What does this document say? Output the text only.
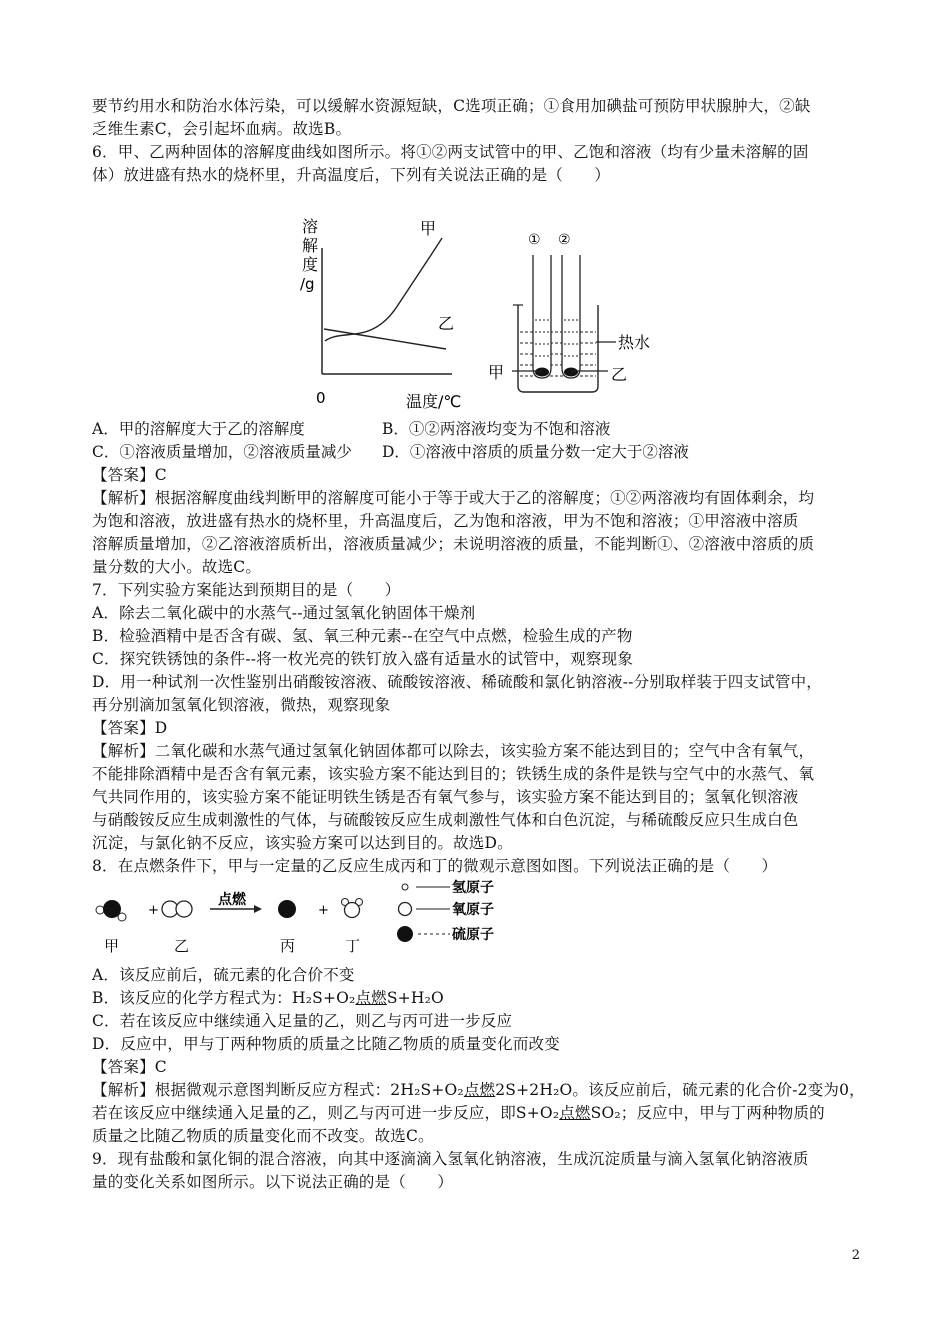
要节约用水和防治水体污染，可以缓解水资源短缺，C选项正确；①食用加碘盐可预防甲状腺肿大，②缺
乏维生素C，会引起坏血病。故选B。
6．甲、乙两种固体的溶解度曲线如图所示。将①②两支试管中的甲、乙饱和溶液（均有少量未溶解的固
体）放进盛有热水的烧杯里，升高温度后，下列有关说法正确的是（　　）
溶
解
度
/g
0	温度/℃
甲
乙
① ②
热水
甲	乙
A．甲的溶解度大于乙的溶解度	B．①②两溶液均变为不饱和溶液
C．①溶液质量增加，②溶液质量减少 D．①溶液中溶质的质量分数一定大于②溶液
【答案】C
【解析】根据溶解度曲线判断甲的溶解度可能小于等于或大于乙的溶解度；①②两溶液均有固体剩余，均
为饱和溶液，放进盛有热水的烧杯里，升高温度后，乙为饱和溶液，甲为不饱和溶液；①甲溶液中溶质
溶解质量增加，②乙溶液溶质析出，溶液质量减少；未说明溶液的质量，不能判断①、②溶液中溶质的质
量分数的大小。故选C。
7．下列实验方案能达到预期目的是（　　）
A．除去二氧化碳中的水蒸气--通过氢氧化钠固体干燥剂
B．检验酒精中是否含有碳、氢、氧三种元素--在空气中点燃，检验生成的产物
C．探究铁锈蚀的条件--将一枚光亮的铁钉放入盛有适量水的试管中，观察现象
D．用一种试剂一次性鉴别出硝酸铵溶液、硫酸铵溶液、稀硫酸和氯化钠溶液--分别取样装于四支试管中，
再分别滴加氢氧化钡溶液，微热，观察现象
【答案】D
【解析】二氧化碳和水蒸气通过氢氧化钠固体都可以除去，该实验方案不能达到目的；空气中含有氧气，
不能排除酒精中是否含有氧元素，该实验方案不能达到目的；铁锈生成的条件是铁与空气中的水蒸气、氧
气共同作用的，该实验方案不能证明铁生锈是否有氧气参与，该实验方案不能达到目的；氢氧化钡溶液
与硝酸铵反应生成刺激性的气体，与硫酸铵反应生成刺激性气体和白色沉淀，与稀硫酸反应只生成白色
沉淀，与氯化钠不反应，该实验方案可以达到目的。故选D。
8．在点燃条件下，甲与一定量的乙反应生成丙和丁的微观示意图如图。下列说法正确的是（　　）
+
点燃
+
甲	乙	丙	丁
氢原子
氧原子
硫原子
A．该反应前后，硫元素的化合价不变
B．该反应的化学方程式为：H₂S+O₂点燃S+H₂O
C．若在该反应中继续通入足量的乙，则乙与丙可进一步反应
D．反应中，甲与丁两种物质的质量之比随乙物质的质量变化而改变
【答案】C
【解析】根据微观示意图判断反应方程式：2H₂S+O₂点燃2S+2H₂O。该反应前后，硫元素的化合价-2变为0，
若在该反应中继续通入足量的乙，则乙与丙可进一步反应，即S+O₂点燃SO₂；反应中，甲与丁两种物质的
质量之比随乙物质的质量变化而不改变。故选C。
9．现有盐酸和氯化铜的混合溶液，向其中逐滴滴入氢氧化钠溶液，生成沉淀质量与滴入氢氧化钠溶液质
量的变化关系如图所示。以下说法正确的是（　　）
2
